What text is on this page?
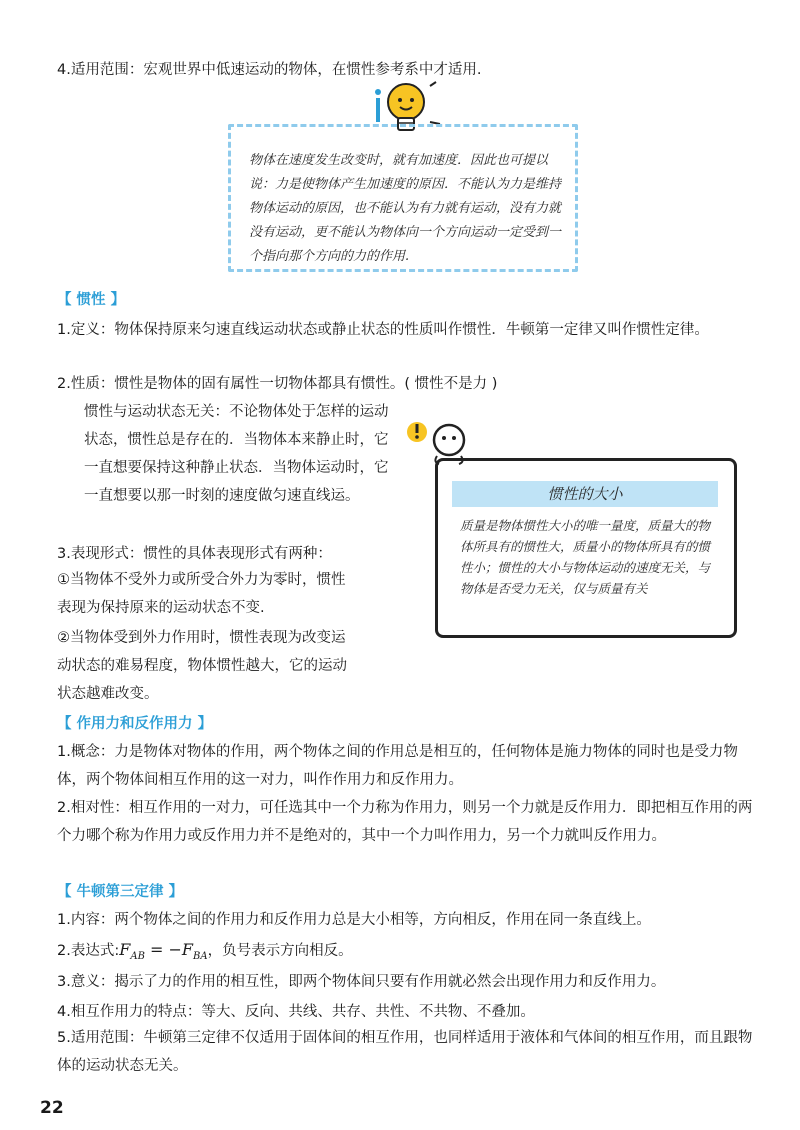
4.适用范围：宏观世界中低速运动的物体，在惯性参考系中才适用.
物体在速度发生改变时，就有加速度．因此也可提以说：力是使物体产生加速度的原因．不能认为力是维持物体运动的原因，也不能认为有力就有运动，没有力就没有运动，更不能认为物体向一个方向运动一定受到一个指向那个方向的力的作用.
【 惯性 】
1.定义：物体保持原来匀速直线运动状态或静止状态的性质叫作惯性．牛顿第一定律又叫作惯性定律。
2.性质：惯性是物体的固有属性一切物体都具有惯性。( 惯性不是力 )
惯性与运动状态无关：不论物体处于怎样的运动状态，惯性总是存在的．当物体本来静止时，它一直想要保持这种静止状态．当物体运动时，它一直想要以那一时刻的速度做匀速直线运。
3.表现形式：惯性的具体表现形式有两种：
①当物体不受外力或所受合外力为零时，惯性表现为保持原来的运动状态不变.
②当物体受到外力作用时，惯性表现为改变运动状态的难易程度，物体惯性越大，它的运动状态越难改变。
惯性的大小
质量是物体惯性大小的唯一量度，质量大的物体所具有的惯性大，质量小的物体所具有的惯性小；惯性的大小与物体运动的速度无关，与物体是否受力无关，仅与质量有关
【 作用力和反作用力 】
1.概念：力是物体对物体的作用，两个物体之间的作用总是相互的，任何物体是施力物体的同时也是受力物体，两个物体间相互作用的这一对力，叫作作用力和反作用力。
2.相对性：相互作用的一对力，可任选其中一个力称为作用力，则另一个力就是反作用力．即把相互作用的两个力哪个称为作用力或反作用力并不是绝对的，其中一个力叫作用力，另一个力就叫反作用力。
【 牛顿第三定律 】
1.内容：两个物体之间的作用力和反作用力总是大小相等，方向相反，作用在同一条直线上。
2.表达式$:F_{AB} = -F_{BA}$，负号表示方向相反。
3.意义：揭示了力的作用的相互性，即两个物体间只要有作用就必然会出现作用力和反作用力。
4.相互作用力的特点：等大、反向、共线、共存、共性、不共物、不叠加。
5.适用范围：牛顿第三定律不仅适用于固体间的相互作用，也同样适用于液体和气体间的相互作用，而且跟物体的运动状态无关。
22
